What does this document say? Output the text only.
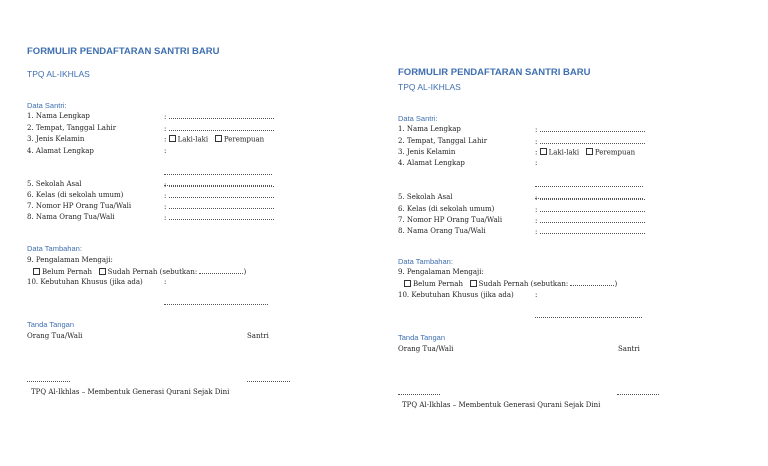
FORMULIR PENDAFTARAN SANTRI BARU
TPQ AL-IKHLAS
Data Santri:
1. Nama Lengkap	:
2. Tempat, Tanggal Lahir	:
3. Jenis Kelamin	: Laki-laki Perempuan
4. Alamat Lengkap	:
5. Sekolah Asal	:
6. Kelas (di sekolah umum)	:
7. Nomor HP Orang Tua/Wali	:
8. Nama Orang Tua/Wali	:
Data Tambahan:
9. Pengalaman Mengaji:
Belum Pernah Sudah Pernah (sebutkan:	)
10. Kebutuhan Khusus (jika ada)	:
Tanda Tangan
Orang Tua/Wali	Santri
TPQ Al-Ikhlas – Membentuk Generasi Qurani Sejak Dini
FORMULIR PENDAFTARAN SANTRI BARU
TPQ AL-IKHLAS
Data Santri:
1. Nama Lengkap	:
2. Tempat, Tanggal Lahir	:
3. Jenis Kelamin	: Laki-laki Perempuan
4. Alamat Lengkap	:
5. Sekolah Asal	:
6. Kelas (di sekolah umum)	:
7. Nomor HP Orang Tua/Wali	:
8. Nama Orang Tua/Wali	:
Data Tambahan:
9. Pengalaman Mengaji:
Belum Pernah Sudah Pernah (sebutkan:	)
10. Kebutuhan Khusus (jika ada)	:
Tanda Tangan
Orang Tua/Wali	Santri
TPQ Al-Ikhlas – Membentuk Generasi Qurani Sejak Dini
